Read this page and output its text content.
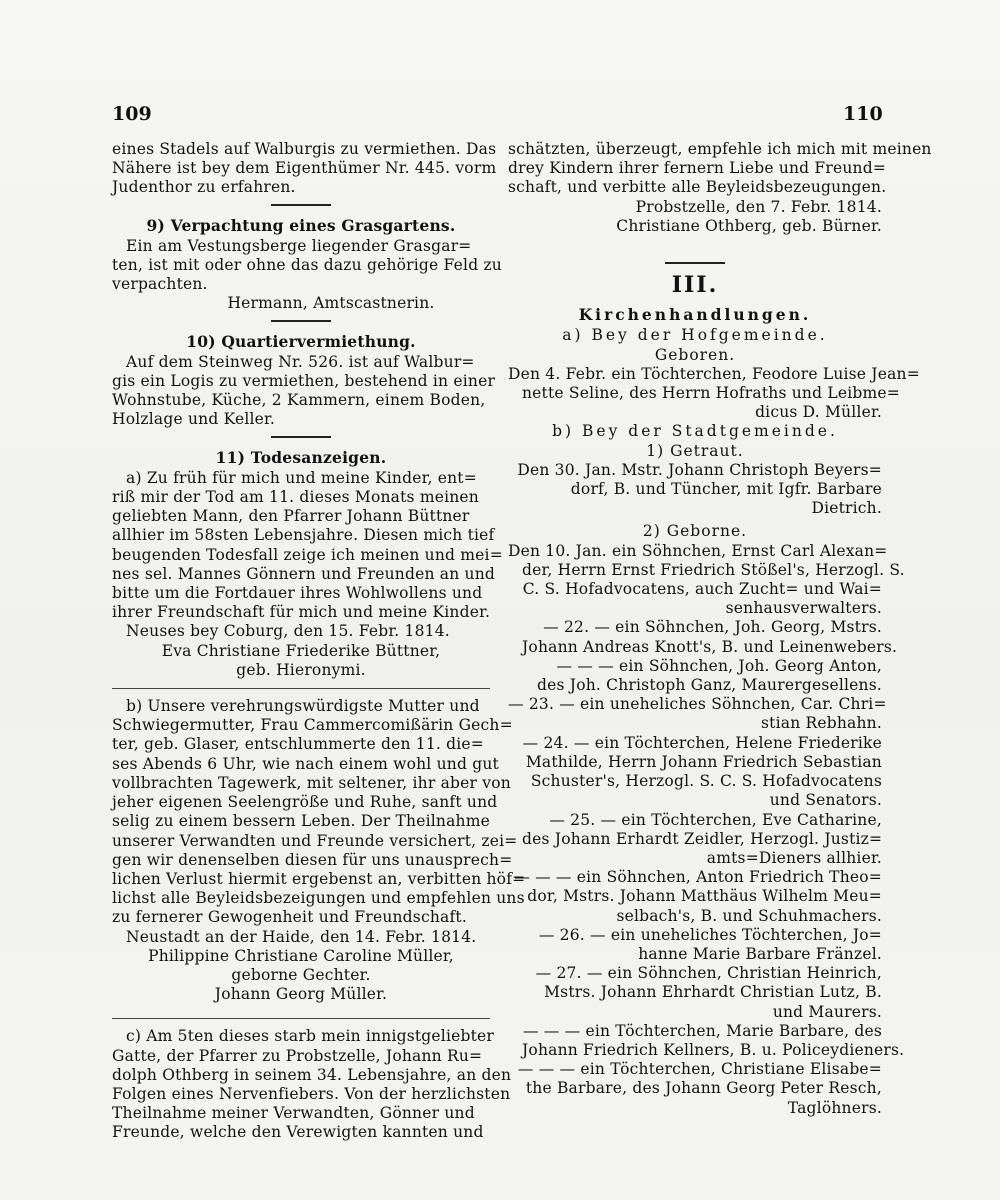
109	110
eines Stadels auf Walburgis zu vermiethen. Das
Nähere ist bey dem Eigenthümer Nr. 445. vorm
Judenthor zu erfahren.
9) Verpachtung eines Grasgartens.
Ein am Vestungsberge liegender Grasgar=
ten, ist mit oder ohne das dazu gehörige Feld zu
verpachten.
Hermann, Amtscastnerin.
10) Quartiervermiethung.
Auf dem Steinweg Nr. 526. ist auf Walbur=
gis ein Logis zu vermiethen, bestehend in einer
Wohnstube, Küche, 2 Kammern, einem Boden,
Holzlage und Keller.
11) Todesanzeigen.
a) Zu früh für mich und meine Kinder, ent=
riß mir der Tod am 11. dieses Monats meinen
geliebten Mann, den Pfarrer Johann Büttner
allhier im 58sten Lebensjahre. Diesen mich tief
beugenden Todesfall zeige ich meinen und mei=
nes sel. Mannes Gönnern und Freunden an und
bitte um die Fortdauer ihres Wohlwollens und
ihrer Freundschaft für mich und meine Kinder.
Neuses bey Coburg, den 15. Febr. 1814.
Eva Christiane Friederike Büttner,
geb. Hieronymi.
b) Unsere verehrungswürdigste Mutter und
Schwiegermutter, Frau Cammercomißärin Gech=
ter, geb. Glaser, entschlummerte den 11. die=
ses Abends 6 Uhr, wie nach einem wohl und gut
vollbrachten Tagewerk, mit seltener, ihr aber von
jeher eigenen Seelengröße und Ruhe, sanft und
selig zu einem bessern Leben. Der Theilnahme
unserer Verwandten und Freunde versichert, zei=
gen wir denenselben diesen für uns unausprech=
lichen Verlust hiermit ergebenst an, verbitten höf=
lichst alle Beyleidsbezeigungen und empfehlen uns
zu fernerer Gewogenheit und Freundschaft.
Neustadt an der Haide, den 14. Febr. 1814.
Philippine Christiane Caroline Müller,
geborne Gechter.
Johann Georg Müller.
c) Am 5ten dieses starb mein innigstgeliebter
Gatte, der Pfarrer zu Probstzelle, Johann Ru=
dolph Othberg in seinem 34. Lebensjahre, an den
Folgen eines Nervenfiebers. Von der herzlichsten
Theilnahme meiner Verwandten, Gönner und
Freunde, welche den Verewigten kannten und
schätzten, überzeugt, empfehle ich mich mit meinen
drey Kindern ihrer fernern Liebe und Freund=
schaft, und verbitte alle Beyleidsbezeugungen.
Probstzelle, den 7. Febr. 1814.
Christiane Othberg, geb. Bürner.
III.
Kirchenhandlungen.
a) Bey der Hofgemeinde.
Geboren.
Den 4. Febr. ein Töchterchen, Feodore Luise Jean=
nette Seline, des Herrn Hofraths und Leibme=
dicus D. Müller.
b) Bey der Stadtgemeinde.
1) Getraut.
Den 30. Jan. Mstr. Johann Christoph Beyers=
dorf, B. und Tüncher, mit Igfr. Barbare
Dietrich.
2) Geborne.
Den 10. Jan. ein Söhnchen, Ernst Carl Alexan=
der, Herrn Ernst Friedrich Stößel's, Herzogl. S.
C. S. Hofadvocatens, auch Zucht= und Wai=
senhausverwalters.
— 22. — ein Söhnchen, Joh. Georg, Mstrs.
Johann Andreas Knott's, B. und Leinenwebers.
— — — ein Söhnchen, Joh. Georg Anton,
des Joh. Christoph Ganz, Maurergesellens.
— 23. — ein uneheliches Söhnchen, Car. Chri=
stian Rebhahn.
— 24. — ein Töchterchen, Helene Friederike
Mathilde, Herrn Johann Friedrich Sebastian
Schuster's, Herzogl. S. C. S. Hofadvocatens
und Senators.
— 25. — ein Töchterchen, Eve Catharine,
des Johann Erhardt Zeidler, Herzogl. Justiz=
amts=Dieners allhier.
— — — ein Söhnchen, Anton Friedrich Theo=
dor, Mstrs. Johann Matthäus Wilhelm Meu=
selbach's, B. und Schuhmachers.
— 26. — ein uneheliches Töchterchen, Jo=
hanne Marie Barbare Fränzel.
— 27. — ein Söhnchen, Christian Heinrich,
Mstrs. Johann Ehrhardt Christian Lutz, B.
und Maurers.
— — — ein Töchterchen, Marie Barbare, des
Johann Friedrich Kellners, B. u. Policeydieners.
— — — ein Töchterchen, Christiane Elisabe=
the Barbare, des Johann Georg Peter Resch,
Taglöhners.
